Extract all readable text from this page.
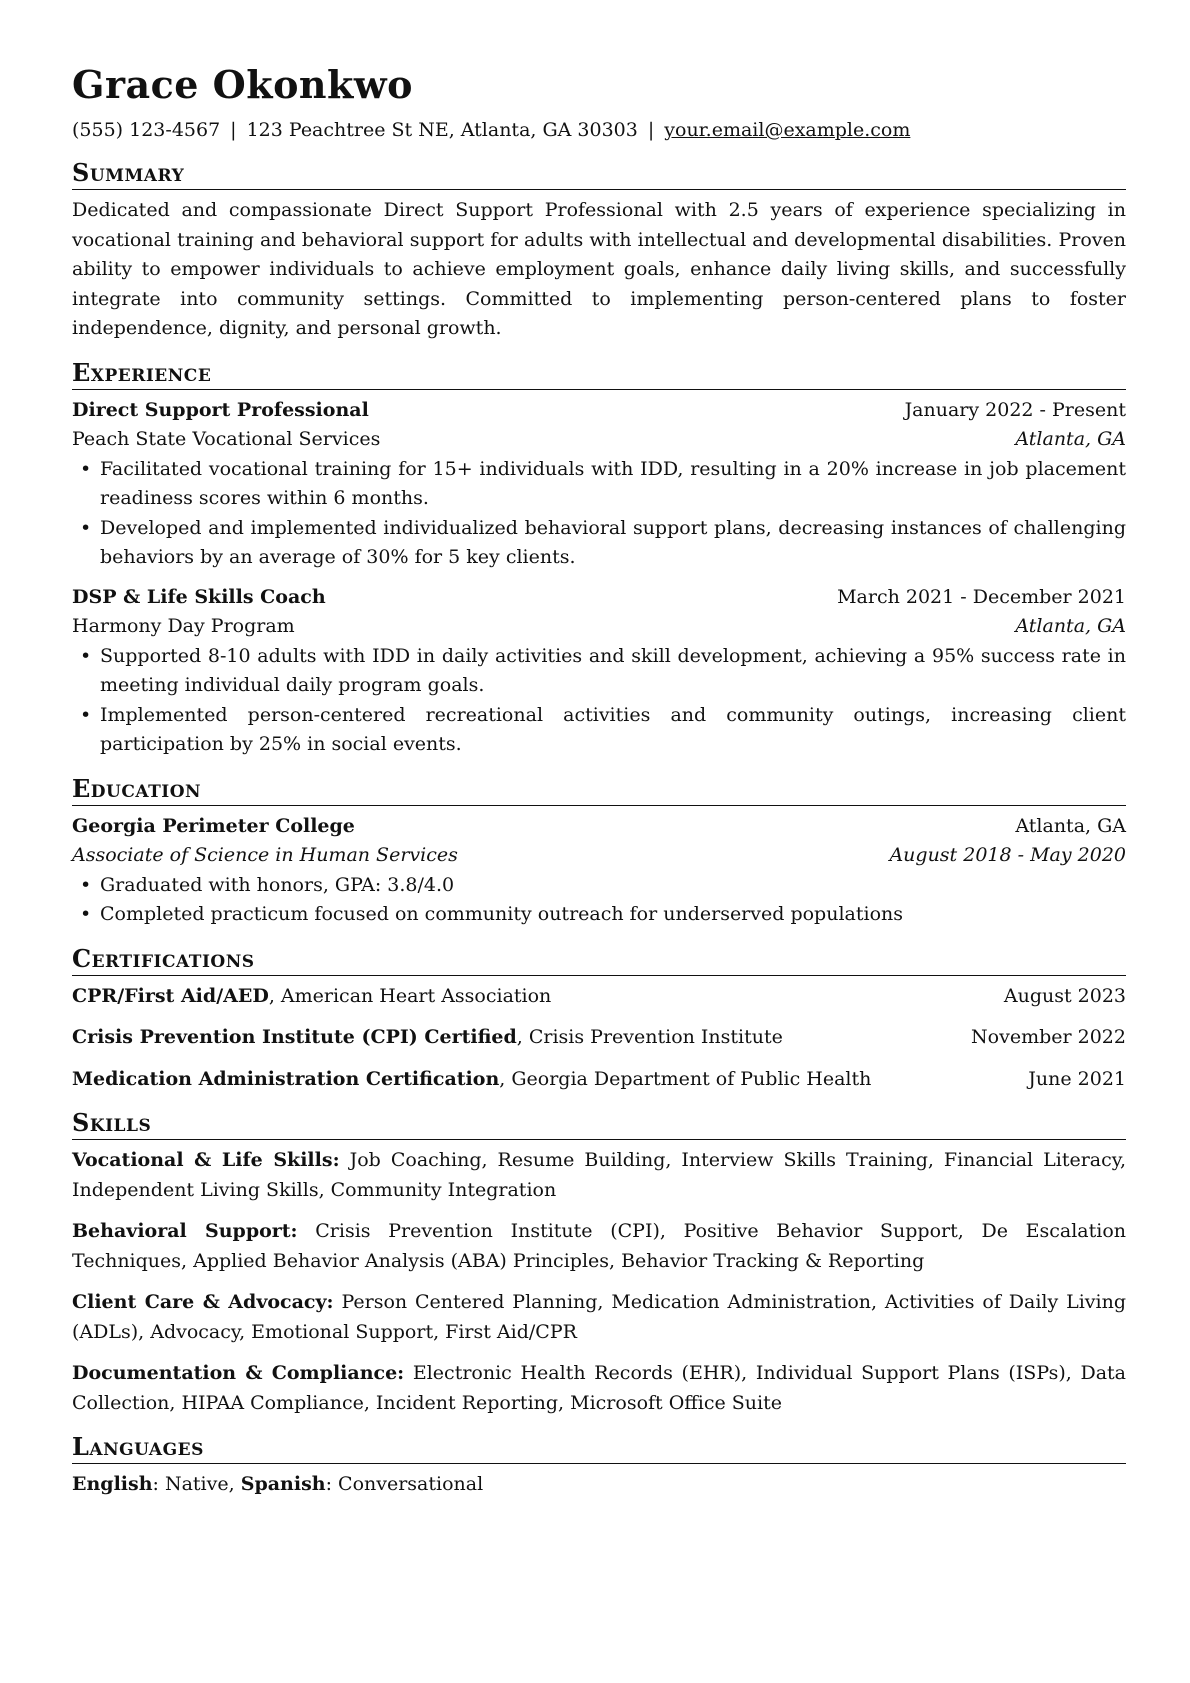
Grace Okonkwo
(555) 123-4567 | 123 Peachtree St NE, Atlanta, GA 30303 | your.email@example.com
Summary

Dedicated and compassionate Direct Support Professional with 2.5 years of experience specializing in vocational training and behavioral support for adults with intellectual and developmental disabilities. Proven ability to empower individuals to achieve employment goals, enhance daily living skills, and successfully integrate into community settings. Committed to implementing person-centered plans to foster independence, dignity, and personal growth.

Experience
Direct Support Professional	January 2022 - Present
Peach State Vocational Services	Atlanta, GA
• Facilitated vocational training for 15+ individuals with IDD, resulting in a 20% increase in job placement readiness scores within 6 months.
• Developed and implemented individualized behavioral support plans, decreasing instances of challenging behaviors by an average of 30% for 5 key clients.
DSP & Life Skills Coach	March 2021 - December 2021
Harmony Day Program	Atlanta, GA
• Supported 8-10 adults with IDD in daily activities and skill development, achieving a 95% success rate in meeting individual daily program goals.
• Implemented person-centered recreational activities and community outings, increasing client participation by 25% in social events.
Education
Georgia Perimeter College	Atlanta, GA
Associate of Science in Human Services	August 2018 - May 2020
• Graduated with honors, GPA: 3.8/4.0
• Completed practicum focused on community outreach for underserved populations
Certifications
CPR/First Aid/AED, American Heart Association	August 2023
Crisis Prevention Institute (CPI) Certified, Crisis Prevention Institute	November 2022
Medication Administration Certification, Georgia Department of Public Health	June 2021
Skills

Vocational & Life Skills: Job Coaching, Resume Building, Interview Skills Training, Financial Literacy, Independent Living Skills, Community Integration

Behavioral Support: Crisis Prevention Institute (CPI), Positive Behavior Support, De Escalation Techniques, Applied Behavior Analysis (ABA) Principles, Behavior Tracking & Reporting

Client Care & Advocacy: Person Centered Planning, Medication Administration, Activities of Daily Living (ADLs), Advocacy, Emotional Support, First Aid/CPR

Documentation & Compliance: Electronic Health Records (EHR), Individual Support Plans (ISPs), Data Collection, HIPAA Compliance, Incident Reporting, Microsoft Office Suite

Languages

English: Native, Spanish: Conversational
